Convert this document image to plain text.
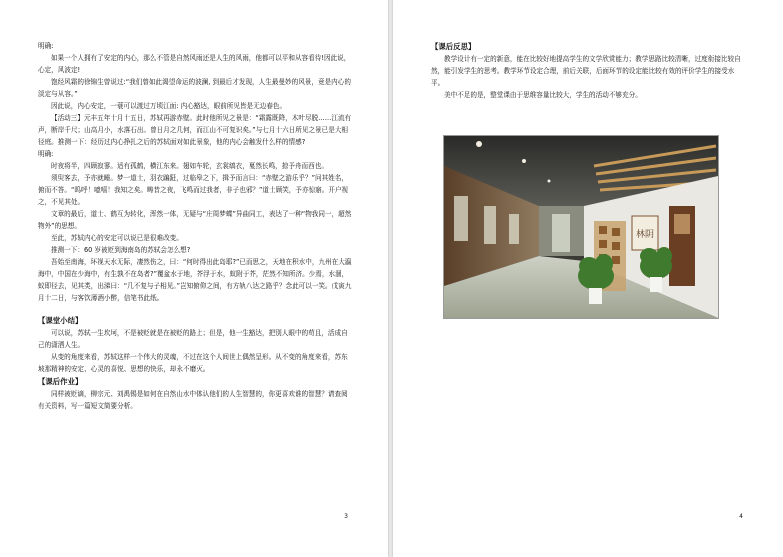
明确:

如果一个人拥有了安定的内心，那么不管是自然风雨还是人生的风雨，他都可以平和从容看待!因此说，心定，风波定!

饱经风霜的徐锦生曾说过:“我们曾如此渴望命运的波澜, 到最后才发现，人生最曼妙的风景，竟是内心的淡定与从容。”

因此说，内心安定，一蓑可以渡过万顷江面: 内心豁达，眼前所见皆是无边春色。

【活动三】元丰五年十月十五日，苏轼再游赤壁。此时他所见之景是：“霜露既降，木叶尽脱……江流有声，断岸千尺；山高月小，水落石出。曾日月之几何，而江山不可复识矣。”与七月十六日所见之景已是大相径庭。推测一下：经历过内心挣扎之后的苏轼面对如此景象，他的内心会触发什么样的情感?

明确:

时夜将半，四顾寂寥。适有孤鹤，横江东来。翅如车轮，玄裳缟衣，戛然长鸣，掠予舟而西也。

须臾客去，予亦就睡。梦一道士，羽衣蹁跹，过临皋之下，揖予而言曰：“赤壁之游乐乎？”问其姓名，俯而不答。“呜呼！噫嘻！我知之矣。畴昔之夜，飞鸣而过我者，非子也邪？”道士顾笑，予亦惊寤。开户视之，不见其处。

文章的最后，道士、鹤互为转化，浑然一体，无疑与“庄周梦蝶”异曲同工，表达了一种“物我同一，超然物外”的思想。

至此，苏轼内心的安定可以说已是很难改变。

推测一下：60 岁被贬到海南岛的苏轼会怎么想?

吾始至南海，环视天水无际，凄然伤之，曰：“何时得出此岛耶?”已而思之，天地在积水中，九州在大瀛海中，中国在少海中，有生孰不在岛者?”覆盆水于地，芥浮于水，蚁附于芥，茫然不知所济。少焉，水涸，蚁即径去，见其类，出涕曰：“几不复与子相见。”岂知俯仰之间，有方轨八达之路乎？念此可以一笑。戊寅九月十二日，与客饮薄酒小醉，信笔书此纸。

【课堂小结】

可以说，苏轼一生坎坷，不是被贬就是在被贬的路上；但是，他一生豁达，把别人眼中的苟且，活成自己的潇洒人生。

从变的角度来看，苏轼这样一个伟大的灵魂，不过在这个人间世上偶然呈形。从不变的角度来看，苏东坡那精神的安定、心灵的喜悦、思想的快乐，却永不磨灭。

【课后作业】

同样被贬谪，柳宗元、刘禹锡是如何在自然山水中体认他们的人生智慧的，你更喜欢谁的智慧？请查阅有关资料，写一篇短文简要分析。

3
【课后反思】

教学设计有一定的新意，能在比较好地提高学生的文学欣赏能力；教学思路比较清晰，过度衔接比较自然，能引发学生的思考。教学环节设定合理，前后关联，后面环节的设定能比较有效的评价学生的接受水平。

美中不足的是，整堂课由于思维容量比较大，学生的活动不够充分。

林阴
4
